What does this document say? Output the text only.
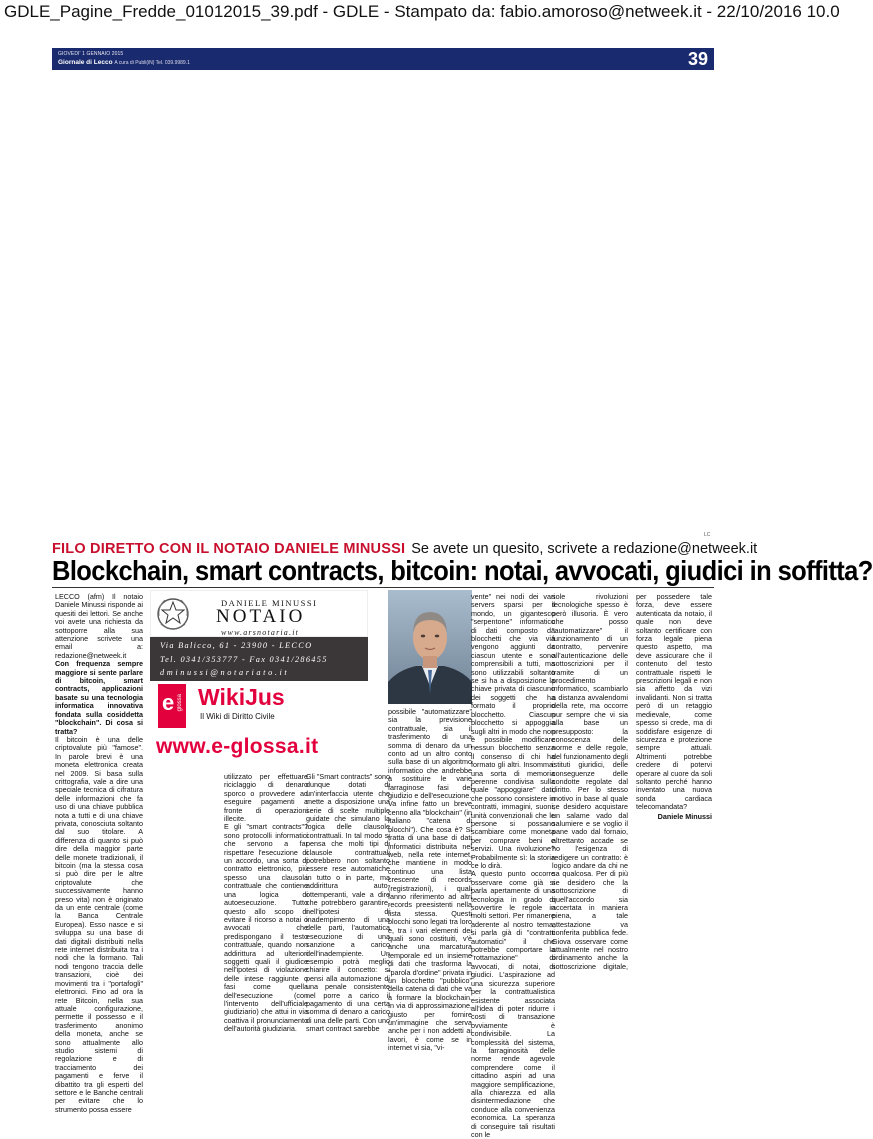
GDLE_Pagine_Fredde_01012015_39.pdf - GDLE - Stampato da: fabio.amoroso@netweek.it - 22/10/2016 10.0
GIOVEDI' 1 GENNAIO 2015
Giornale di Lecco A cura di Publi(iN) Tel. 039.9989.1	39
LC
FILO DIRETTO CON IL NOTAIO DANIELE MINUSSI Se avete un quesito, scrivete a redazione@netweek.it
Blockchain, smart contracts, bitcoin: notai, avvocati, giudici in soffitta?

LECCO (afm) Il notaio Daniele Minussi risponde ai quesiti dei lettori. Se anche voi avete una richiesta da sottoporre alla sua attenzione scrivete una email a: redazione@netweek.it

Con frequenza sempre maggiore si sente parlare di bitcoin, smart contracts, applicazioni basate su una tecnologia informatica innovativa fondata sulla cosiddetta "blockchain". Di cosa si tratta?

Il bitcoin è una delle criptovalute più "famose". In parole brevi è una moneta elettronica creata nel 2009. Si basa sulla crittografia, vale a dire una speciale tecnica di cifratura delle informazioni che fa uso di una chiave pubblica nota a tutti e di una chiave privata, conosciuta soltanto dal suo titolare. A differenza di quanto si può dire della maggior parte delle monete tradizionali, il bitcoin (ma la stessa cosa si può dire per le altre criptovalute che successivamente hanno preso vita) non è originato da un ente centrale (come la Banca Centrale Europea). Esso nasce e si sviluppa su una base di dati digitali distribuiti nella rete internet distribuita tra i nodi che la formano. Tali nodi tengono traccia delle transazioni, cioè dei movimenti tra i "portafogli" elettronici. Fino ad ora la rete Bitcoin, nella sua attuale configurazione, permette il possesso e il trasferimento anonimo della moneta, anche se sono attualmente allo studio sistemi di regolazione e di tracciamento dei pagamenti e ferve il dibattito tra gli esperti del settore e le Banche centrali per evitare che lo strumento possa essere

DANIELE MINUSSI
NOTAIO
www.arsnotaria.it
Via Balicco, 61 - 23900 - LECCO
Tel. 0341/353777 - Fax 0341/286455
dminussi@notariato.it
e glossa WikiJus
Il Wiki di Diritto Civile
www.e-glossa.it

utilizzato per effettuare riciclaggio di denaro sporco o provvedere ad eseguire pagamenti a fronte di operazioni illecite.

E gli "smart contracts"? sono protocolli informatici che servono a far rispettare l'esecuzione di un accordo, una sorta di contratto elettronico, più spesso una clausola contrattuale che contiene una logica di autoesecuzione. Tutto questo allo scopo di evitare il ricorso a notai o avvocati che predispongano il testo contrattuale, quando non addirittura ad ulteriori soggetti quali il giudice nell'ipotesi di violazione delle intese raggiunte o fasi come quella dell'esecuzione (con l'intervento dell'ufficiale giudiziario) che attui in via coattiva il pronunciamento dell'autorità giudiziaria.

Gli "Smart contracts" sono dunque dotati di un'interfaccia utente che mette a disposizione una serie di scelte multiple guidate che simulano la logica delle clausole contrattuali. In tal modo si pensa che molti tipi di clausole contrattuali potrebbero non soltanto essere rese automatiche in tutto o in parte, ma addirittura auto-ottemperanti, vale a dire che potrebbero garantire, nell'ipotesi di inadempimento di una delle parti, l'automatica esecuzione di una sanzione a carico dell'inadempiente. Un esempio potrà meglio chiarire il concetto: si pensi alla automazione di una penale consistente nel porre a carico il pagamento di una certa somma di denaro a carico di una delle parti. Con uno smart contract sarebbe

possibile "automatizzare" sia la previsione contrattuale, sia il trasferimento di una somma di denaro da un conto ad un altro conto sulla base di un algoritmo informatico che andrebbe a sostituire le varie farraginose fasi del giudizio e dell'esecuzione.

Va infine fatto un breve cenno alla "blockchain" (in italiano "catena di blocchi"). Che cosa è? Si tratta di una base di dati informatici distribuita nel web, nella rete internet, che mantiene in modo continuo una lista crescente di records (registrazioni), i quali fanno riferimento ad altri records preesistenti nella lista stessa. Questi blocchi sono legati tra loro e, tra i vari elementi dei quali sono costituiti, v'è anche una marcatura temporale ed un insieme di dati che trasforma la "parola d'ordine" privata in un blocchetto "pubblico" della catena di dati che va a formare la blockchain. In via di approssimazione, giusto per fornire un'immagine che serva anche per i non addetti ai lavori, è come se in internet vi sia, "vi-

vente" nei nodi dei vari servers sparsi per il mondo, un gigantesco "serpentone" informatico di dati composto da blocchetti che via via vengono aggiunti da ciascun utente e sono comprensibili a tutti, ma sono utilizzabili soltanto se si ha a disposizione la chiave privata di ciascuno dei soggetti che ha formato il proprio blocchetto. Ciascun blocchetto si appoggia sugli altri in modo che non è possibile modificare nessun blocchetto senza il consenso di chi ha formato gli altri. Insomma: una sorta di memoria perenne condivisa sulla quale "appoggiare" dati, che possono consistere in contratti, immagini, suoni, unità convenzionali che le persone si possano scambiare come moneta per comprare beni e servizi. Una rivoluzione? Probabilmente sì: la storia ce lo dirà.

A questo punto occorre osservare come già si parla apertamente di una tecnologia in grado di sovvertire le regole in molti settori. Per rimanere aderente al nostro tema, si parla già di "contratti automatici" il che potrebbe comportare la "rottamazione" di avvocati, di notai, di giudici. L'aspirazione ad una sicurezza superiore per la contrattualistica esistente associata all'idea di poter ridurre i costi di transazione ovviamente è condivisibile. La complessità del sistema, la farraginosità delle norme rende agevole comprendere come il cittadino aspiri ad una maggiore semplificazione, alla chiarezza ed alla disintermediazione che conduce alla convenienza economica. La speranza di conseguire tali risultati con le

sole rivoluzioni tecnologiche spesso è però illusoria. È vero che posso "automatizzare" il funzionamento di un contratto, pervenire all'autenticazione delle sottoscrizioni per il tramite di un procedimento informatico, scambiarlo a distanza avvalendomi della rete, ma occorre pur sempre che vi sia alla base un presupposto: la conoscenza delle norme e delle regole, del funzionamento degli istituti giuridici, delle conseguenze delle condotte regolate dal diritto. Per lo stesso motivo in base al quale se desidero acquistare un salame vado dal salumiere e se voglio il pane vado dal fornaio, altrettanto accade se ho l'esigenza di redigere un contratto: è logico andare da chi ne sa qualcosa. Per di più se desidero che la sottoscrizione di quell'accordo sia accertata in maniera piena, a tale attestazione va conferita pubblica fede. Giova osservare come attualmente nel nostro ordinamento anche la sottoscrizione digitale, per possedere tale forza, deve essere autenticata da notaio, il quale non deve soltanto certificare con forza legale piena questo aspetto, ma deve assicurare che il contenuto del testo contrattuale rispetti le prescrizioni legali e non sia affetto da vizi invalidanti. Non si tratta però di un retaggio medievale, come spesso si crede, ma di soddisfare esigenze di sicurezza e protezione sempre attuali. Altrimenti potrebbe credere di potervi operare al cuore da soli soltanto perché hanno inventato una nuova sonda cardiaca telecomandata?

Daniele Minussi
